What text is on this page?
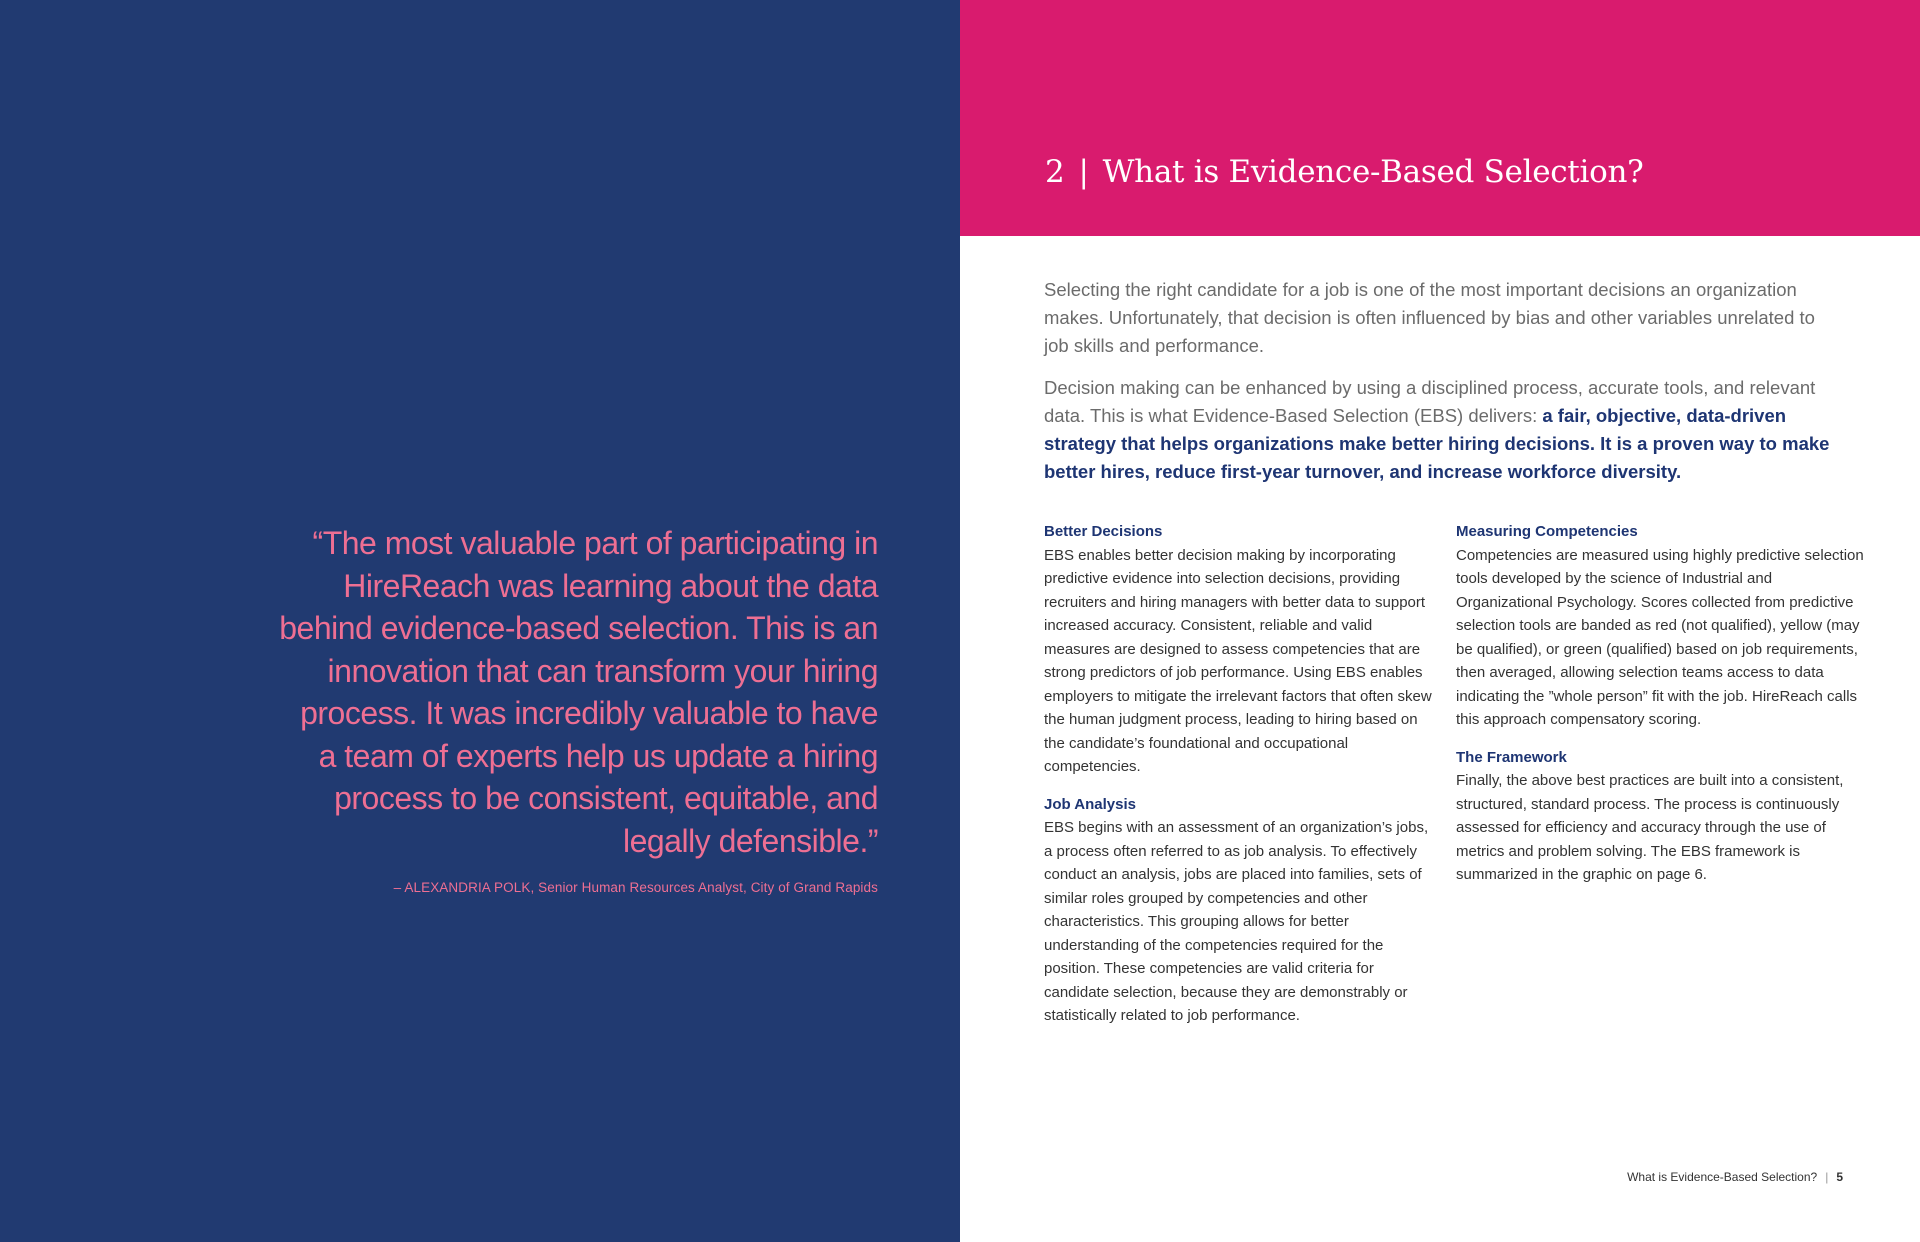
“The most valuable part of participating in HireReach was learning about the data behind evidence-based selection. This is an innovation that can transform your hiring process. It was incredibly valuable to have a team of experts help us update a hiring process to be consistent, equitable, and legally defensible.”

– ALEXANDRIA POLK, Senior Human Resources Analyst, City of Grand Rapids
2 | What is Evidence-Based Selection?

Selecting the right candidate for a job is one of the most important decisions an organization makes. Unfortunately, that decision is often influenced by bias and other variables unrelated to job skills and performance.

Decision making can be enhanced by using a disciplined process, accurate tools, and relevant data. This is what Evidence-Based Selection (EBS) delivers: a fair, objective, data-driven strategy that helps organizations make better hiring decisions. It is a proven way to make better hires, reduce first-year turnover, and increase workforce diversity.

Better Decisions

EBS enables better decision making by incorporating predictive evidence into selection decisions, providing recruiters and hiring managers with better data to support increased accuracy. Consistent, reliable and valid measures are designed to assess competencies that are strong predictors of job performance. Using EBS enables employers to mitigate the irrelevant factors that often skew the human judgment process, leading to hiring based on the candidate’s foundational and occupational competencies.

Job Analysis

EBS begins with an assessment of an organization’s jobs, a process often referred to as job analysis. To effectively conduct an analysis, jobs are placed into families, sets of similar roles grouped by competencies and other characteristics. This grouping allows for better understanding of the competencies required for the position. These competencies are valid criteria for candidate selection, because they are demonstrably or statistically related to job performance.

Measuring Competencies

Competencies are measured using highly predictive selection tools developed by the science of Industrial and Organizational Psychology. Scores collected from predictive selection tools are banded as red (not qualified), yellow (may be qualified), or green (qualified) based on job requirements, then averaged, allowing selection teams access to data indicating the ”whole person” fit with the job. HireReach calls this approach compensatory scoring.

The Framework

Finally, the above best practices are built into a consistent, structured, standard process. The process is continuously assessed for efficiency and accuracy through the use of metrics and problem solving. The EBS framework is summarized in the graphic on page 6.

What is Evidence-Based Selection? | 5
